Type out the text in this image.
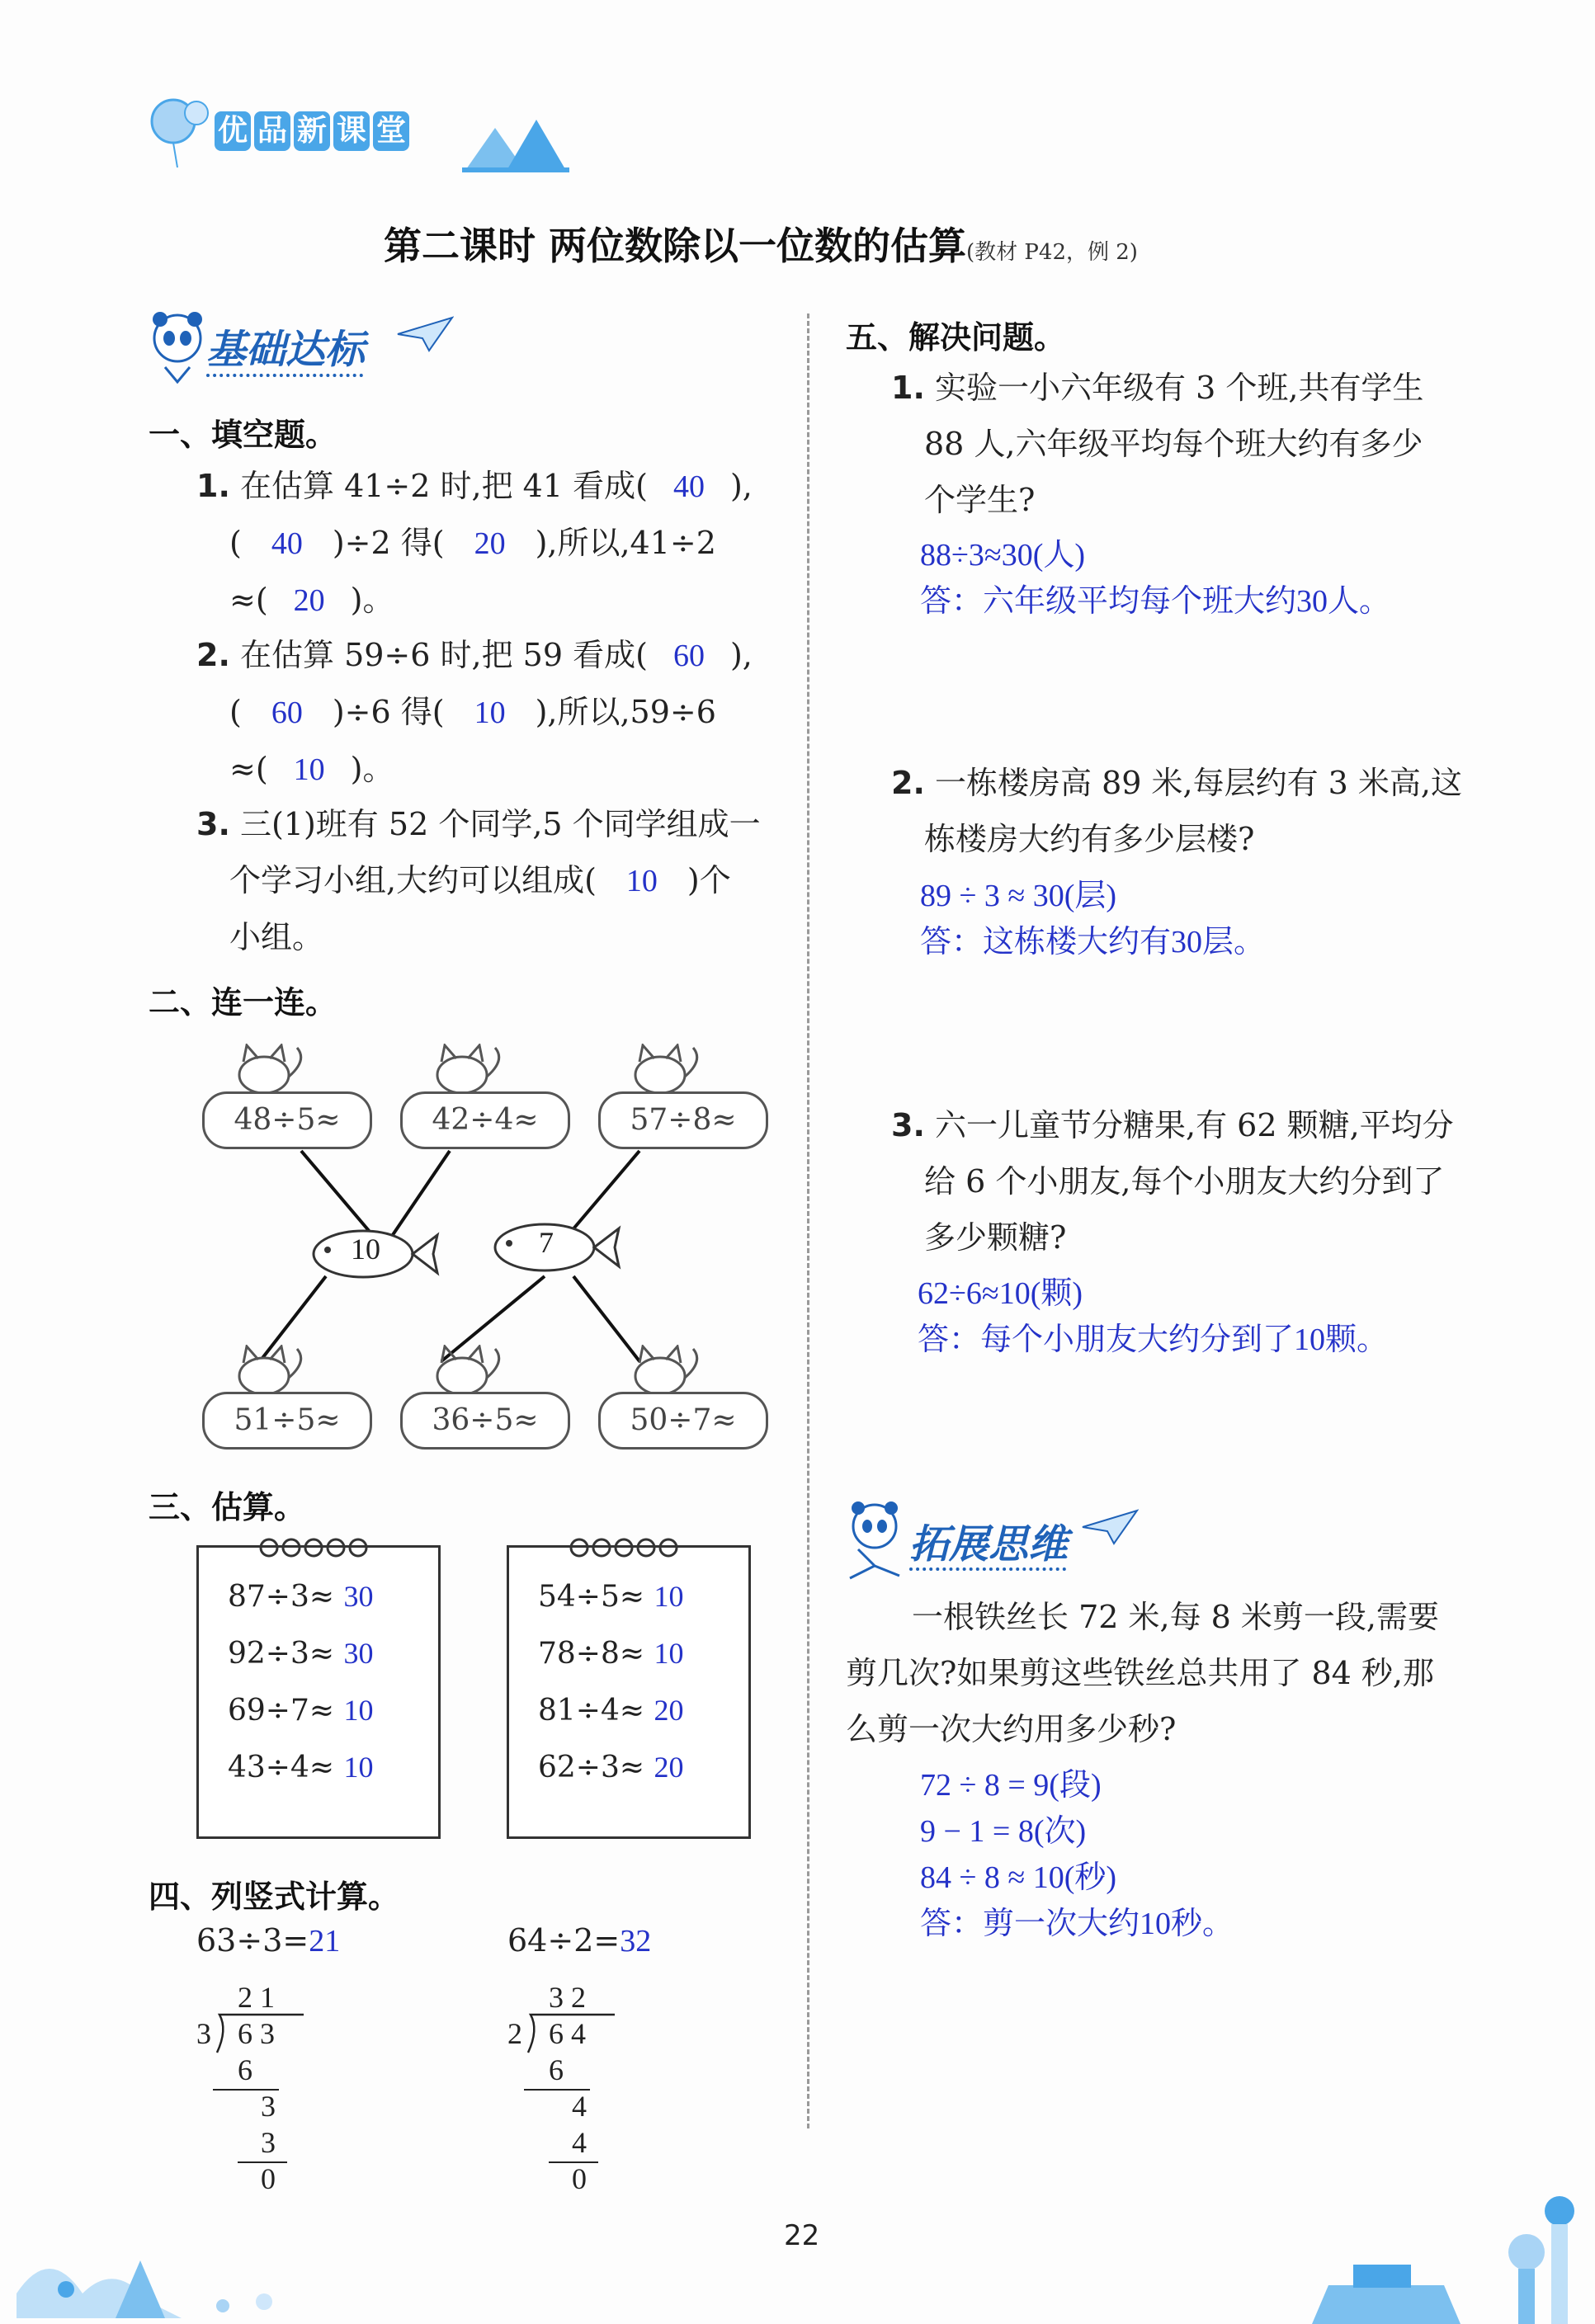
优 品 新 课 堂
第二课时 两位数除以一位数的估算(教材 P42，例 2)
基础达标
一、填空题。
1. 在估算 41÷2 时,把 41 看成( 40 ),
( 40 )÷2 得( 20 ),所以,41÷2
≈( 20 )。
2. 在估算 59÷6 时,把 59 看成( 60 ),
( 60 )÷6 得( 10 ),所以,59÷6
≈( 10 )。
3. 三(1)班有 52 个同学,5 个同学组成一
个学习小组,大约可以组成( 10 )个
小组。
二、连一连。
48÷5≈	42÷4≈	57÷8≈
10	7
51÷5≈	36÷5≈	50÷7≈
三、估算。
87÷3≈ 30
92÷3≈ 30
69÷7≈ 10
43÷4≈ 10
54÷5≈ 10
78÷8≈ 10
81÷4≈ 20
62÷3≈ 20
四、列竖式计算。
63÷3=21	64÷2=32
2 1
3 6 3
6
3
3
0
3 2
2 6 4
6
4
4
0
五、解决问题。
1. 实验一小六年级有 3 个班,共有学生
88 人,六年级平均每个班大约有多少
个学生?
88÷3≈30(人)
答：六年级平均每个班大约30人。
2. 一栋楼房高 89 米,每层约有 3 米高,这
栋楼房大约有多少层楼?
89 ÷ 3 ≈ 30(层)
答：这栋楼大约有30层。
3. 六一儿童节分糖果,有 62 颗糖,平均分
给 6 个小朋友,每个小朋友大约分到了
多少颗糖?
62÷6≈10(颗)
答：每个小朋友大约分到了10颗。
拓展思维
一根铁丝长 72 米,每 8 米剪一段,需要
剪几次?如果剪这些铁丝总共用了 84 秒,那
么剪一次大约用多少秒?
72 ÷ 8 = 9(段)
9 − 1 = 8(次)
84 ÷ 8 ≈ 10(秒)
答：剪一次大约10秒。
22
